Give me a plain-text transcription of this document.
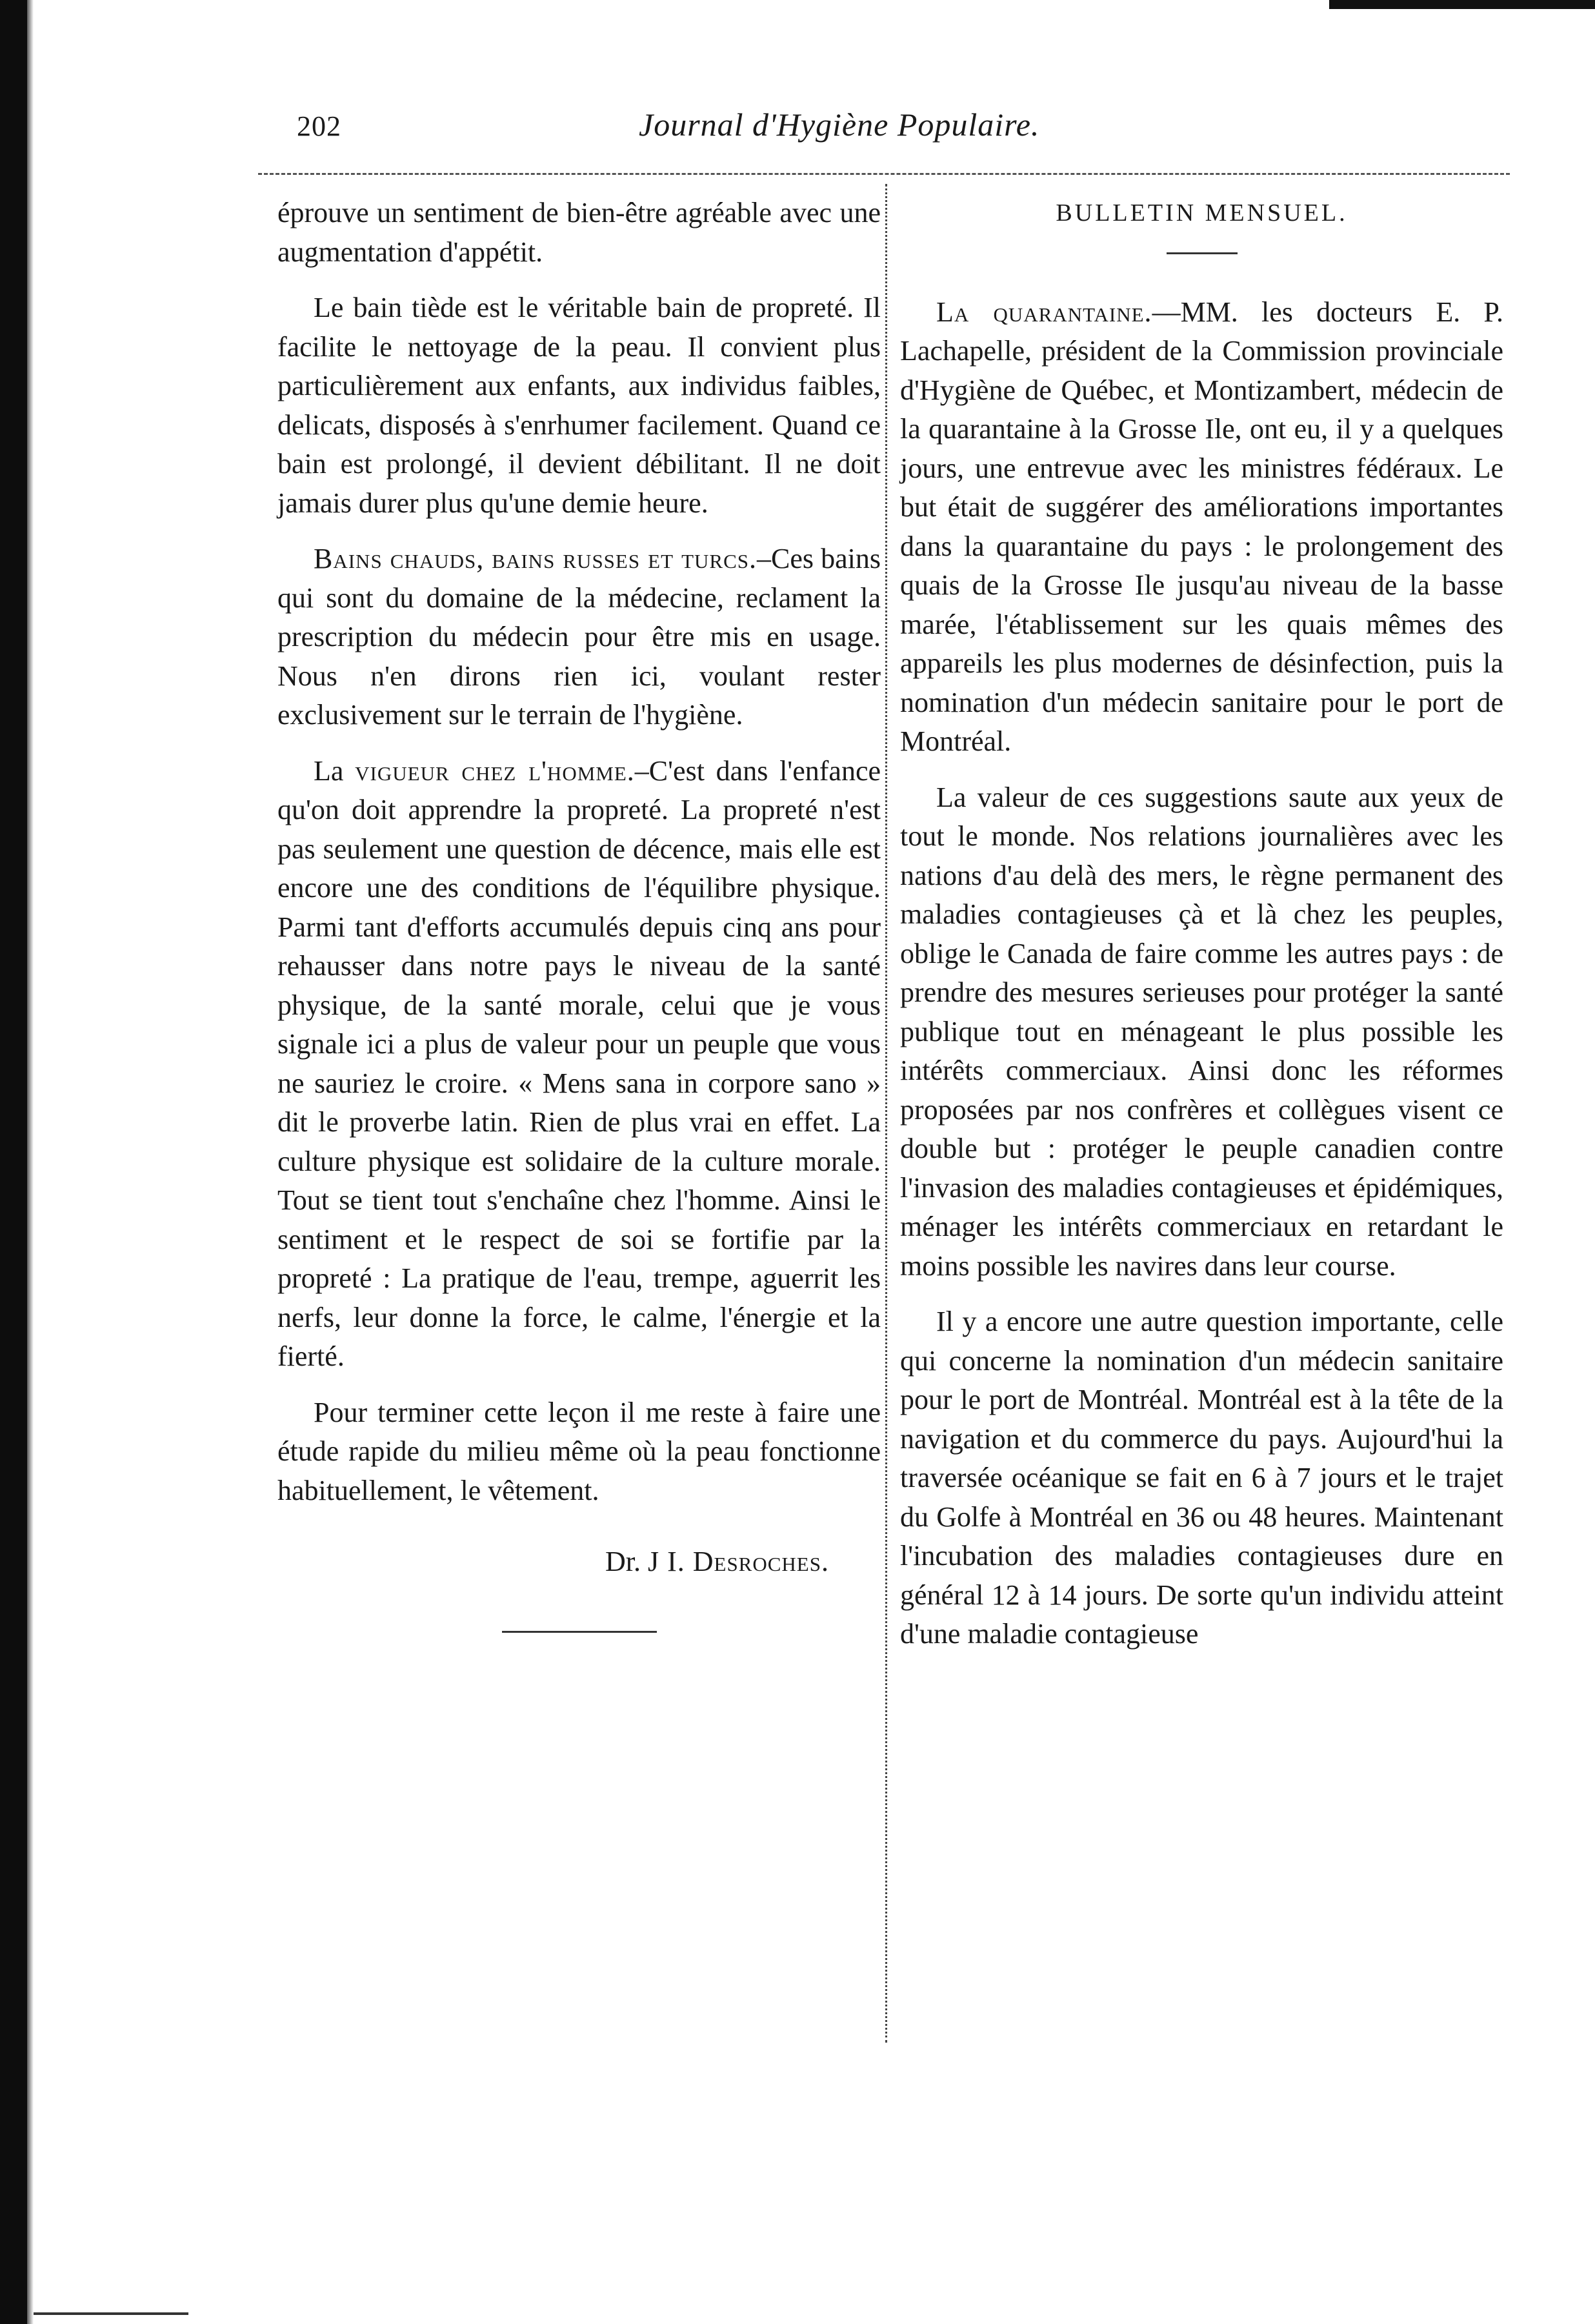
202	Journal d'Hygiène Populaire.

éprouve un sentiment de bien-être agréable avec une augmentation d'appétit.

Le bain tiède est le véritable bain de propreté. Il facilite le nettoyage de la peau. Il convient plus particulièrement aux enfants, aux individus faibles, delicats, disposés à s'enrhumer facilement. Quand ce bain est prolongé, il devient débilitant. Il ne doit jamais durer plus qu'une demie heure.

Bains chauds, bains russes et turcs.–Ces bains qui sont du domaine de la médecine, reclament la prescription du médecin pour être mis en usage. Nous n'en dirons rien ici, voulant rester exclusivement sur le terrain de l'hygiène.

La vigueur chez l'homme.–C'est dans l'enfance qu'on doit apprendre la propreté. La propreté n'est pas seulement une question de décence, mais elle est encore une des conditions de l'équilibre physique. Parmi tant d'efforts accumulés depuis cinq ans pour rehausser dans notre pays le niveau de la santé physique, de la santé morale, celui que je vous signale ici a plus de valeur pour un peuple que vous ne sauriez le croire. « Mens sana in corpore sano » dit le proverbe latin. Rien de plus vrai en effet. La culture physique est solidaire de la culture morale. Tout se tient tout s'enchaîne chez l'homme. Ainsi le sentiment et le respect de soi se fortifie par la propreté : La pratique de l'eau, trempe, aguerrit les nerfs, leur donne la force, le calme, l'énergie et la fierté.

Pour terminer cette leçon il me reste à faire une étude rapide du milieu même où la peau fonctionne habituellement, le vêtement.

Dr. J I. Desroches.
BULLETIN MENSUEL.

La quarantaine.—MM. les docteurs E. P. Lachapelle, président de la Commission provinciale d'Hygiène de Québec, et Montizambert, médecin de la quarantaine à la Grosse Ile, ont eu, il y a quelques jours, une entrevue avec les ministres fédéraux. Le but était de suggérer des améliorations importantes dans la quarantaine du pays : le prolongement des quais de la Grosse Ile jusqu'au niveau de la basse marée, l'établissement sur les quais mêmes des appareils les plus modernes de désinfection, puis la nomination d'un médecin sanitaire pour le port de Montréal.

La valeur de ces suggestions saute aux yeux de tout le monde. Nos relations journalières avec les nations d'au delà des mers, le règne permanent des maladies contagieuses çà et là chez les peuples, oblige le Canada de faire comme les autres pays : de prendre des mesures serieuses pour protéger la santé publique tout en ménageant le plus possible les intérêts commerciaux. Ainsi donc les réformes proposées par nos confrères et collègues visent ce double but : protéger le peuple canadien contre l'invasion des maladies contagieuses et épidémiques, ménager les intérêts commerciaux en retardant le moins possible les navires dans leur course.

Il y a encore une autre question importante, celle qui concerne la nomination d'un médecin sanitaire pour le port de Montréal. Montréal est à la tête de la navigation et du commerce du pays. Aujourd'hui la traversée océanique se fait en 6 à 7 jours et le trajet du Golfe à Montréal en 36 ou 48 heures. Maintenant l'incubation des maladies contagieuses dure en général 12 à 14 jours. De sorte qu'un individu atteint d'une maladie contagieuse
